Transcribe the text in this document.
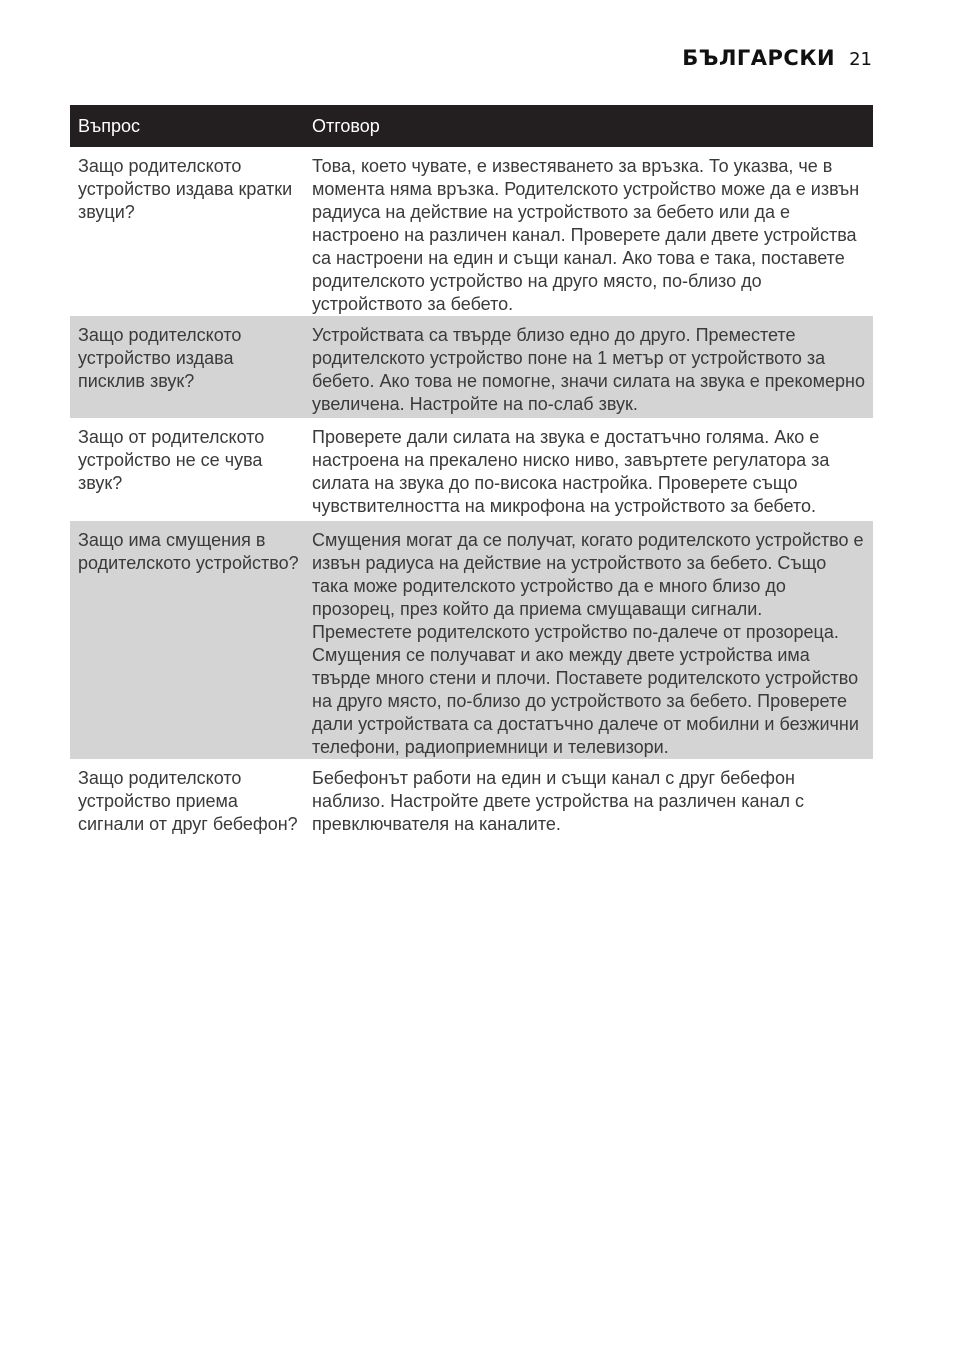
БЪЛГАРСКИ 21
Въпрос	Отговор
Защо родителското устройство издава кратки звуци?
Това, което чувате, е известяването за връзка. То указва, че в момента няма връзка. Родителското устройство може да е извън радиуса на действие на устройството за бебето или да е настроено на различен канал. Проверете дали двете устройства са настроени на един и същи канал. Ако това е така, поставете родителското устройство на друго място, по-близо до устройството за бебето.
Защо родителското устройство издава писклив звук?
Устройствата са твърде близо едно до друго. Преместете родителското устройство поне на 1 метър от устройството за бебето. Ако това не помогне, значи силата на звука е прекомерно увеличена. Настройте на по-слаб звук.
Защо от родителското устройство не се чува звук?
Проверете дали силата на звука е достатъчно голяма. Ако е настроена на прекалено ниско ниво, завъртете регулатора за силата на звука до по-висока настройка. Проверете също чувствителността на микрофона на устройството за бебето.
Защо има смущения в родителското устройство?
Смущения могат да се получат, когато родителското устройство е извън радиуса на действие на устройството за бебето. Също така може родителското устройство да е много близо до прозорец, през който да приема смущаващи сигнали. Преместете родителското устройство по-далече от прозореца. Смущения се получават и ако между двете устройства има твърде много стени и плочи. Поставете родителското устройство на друго място, по-близо до устройството за бебето. Проверете дали устройствата са достатъчно далече от мобилни и безжични телефони, радиоприемници и телевизори.
Защо родителското устройство приема сигнали от друг бебефон?
Бебефонът работи на един и същи канал с друг бебефон наблизо. Настройте двете устройства на различен канал с превключвателя на каналите.
